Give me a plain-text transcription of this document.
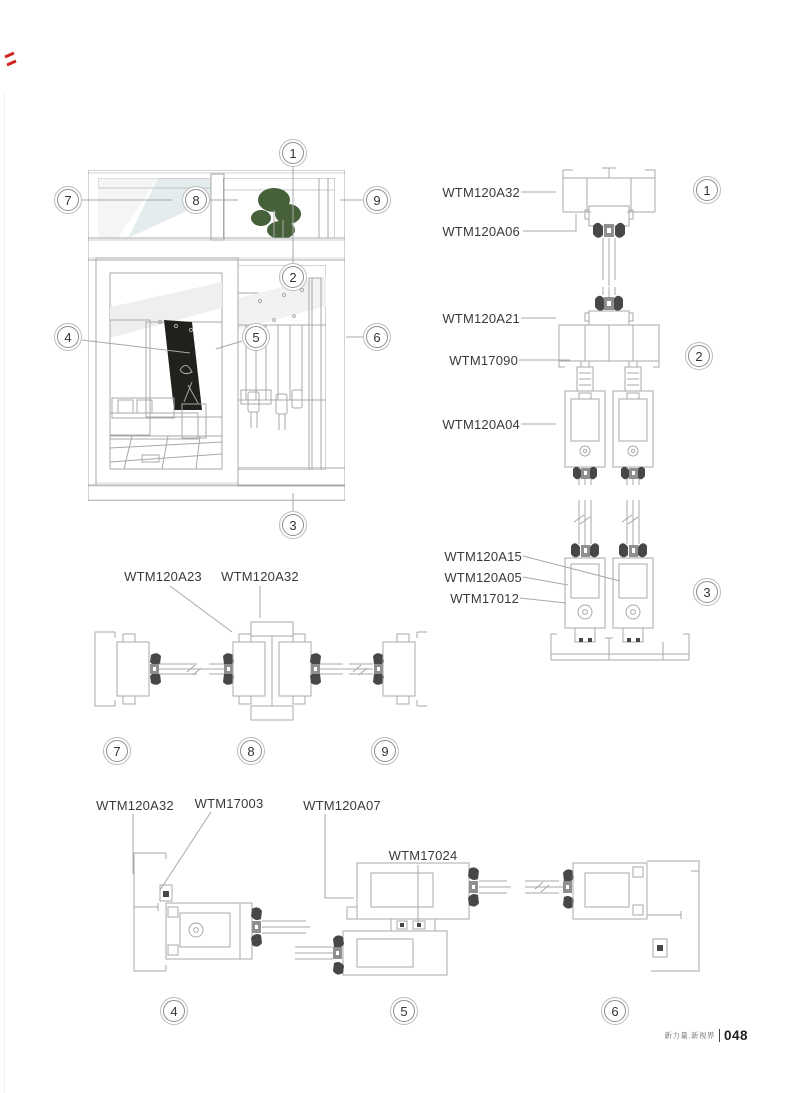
1
7	8	9
2
4	5	6
3
1
2
3
WTM120A32
WTM120A06
WTM120A21
WTM17090
WTM120A04
WTM120A15
WTM120A05
WTM17012
WTM120A23	WTM120A32
7	8	9
WTM120A32	WTM17003	WTM120A07
WTM17024
4	5	6
新力量.新视界 048
